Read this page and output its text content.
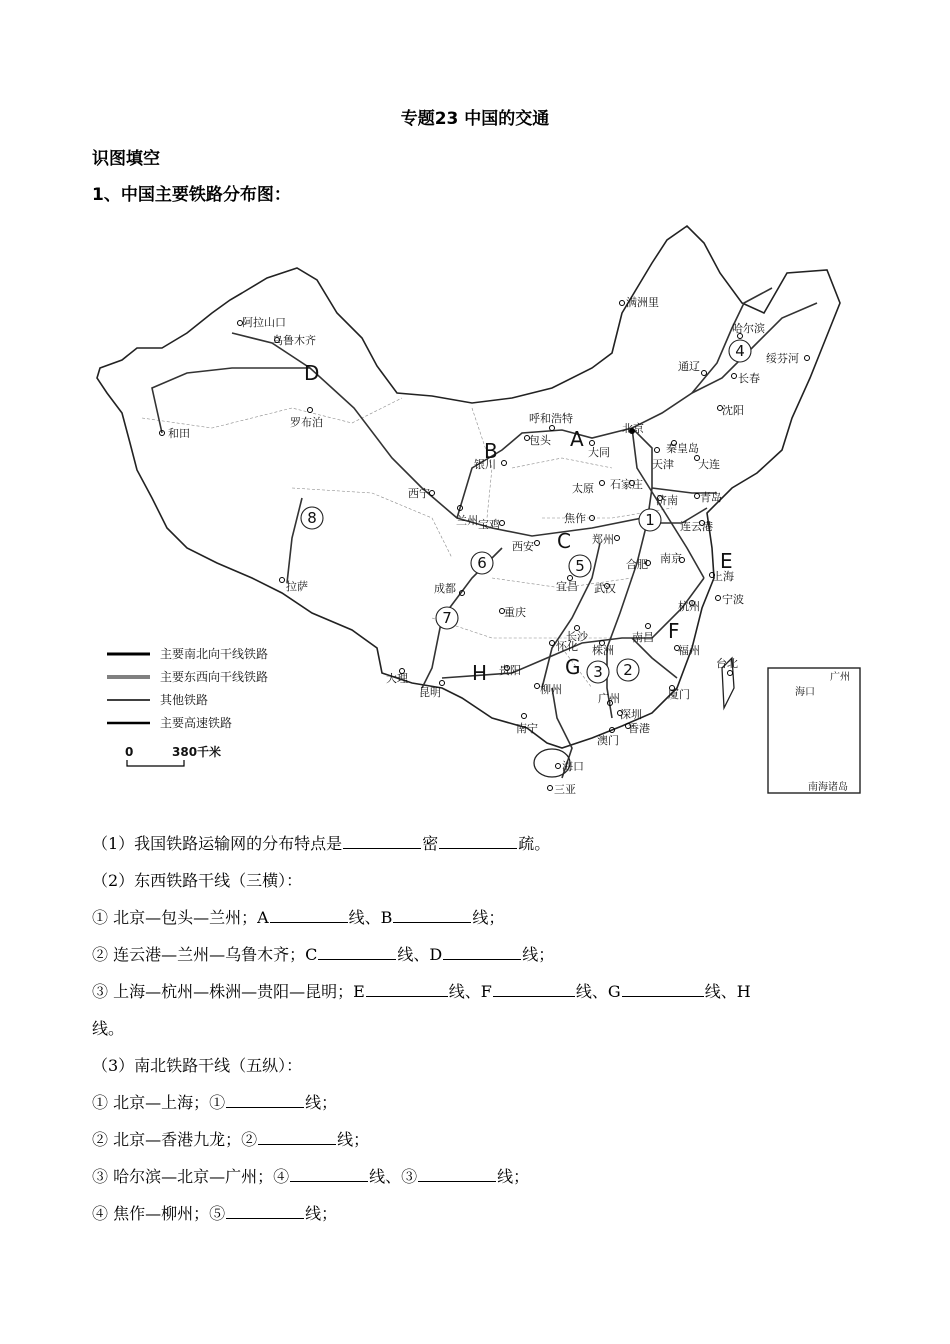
专题23 中国的交通
识图填空
1、中国主要铁路分布图：
阿拉山口
乌鲁木齐
和田
罗布泊
拉萨
西宁
兰州
银川
包头
呼和浩特
大同
北京
天津
石家庄
太原
济南 青岛
连云港
郑州
焦作
宝鸡
西安
成都
重庆
宜昌 武汉
合肥 南京
上海
杭州
宁波
南昌
长沙
株洲
怀化
贵阳
昆明
大理
柳州
南宁
福州
厦门
广州
深圳
香港
澳门
海口
三亚
台北
满洲里
哈尔滨
绥芬河
长春
通辽
沈阳
大连
秦皇岛
A
B
C
D
E
F
G
H
1
2
3
4
5
6
7
8
主要南北向干线铁路
主要东西向干线铁路
其他铁路
主要高速铁路
0	380千米
广州
海口
南海诸岛
（1）我国铁路运输网的分布特点是	密	疏。
（2）东西铁路干线（三横）：
① 北京—包头—兰州；A	线、B	线；
② 连云港—兰州—乌鲁木齐；C	线、D	线；
③ 上海—杭州—株洲—贵阳—昆明；E	线、F	线、G	线、H
线。
（3）南北铁路干线（五纵）：
① 北京—上海；①	线；
② 北京—香港九龙；②	线；
③ 哈尔滨—北京—广州；④	线、③	线；
④ 焦作—柳州；⑤	线；
